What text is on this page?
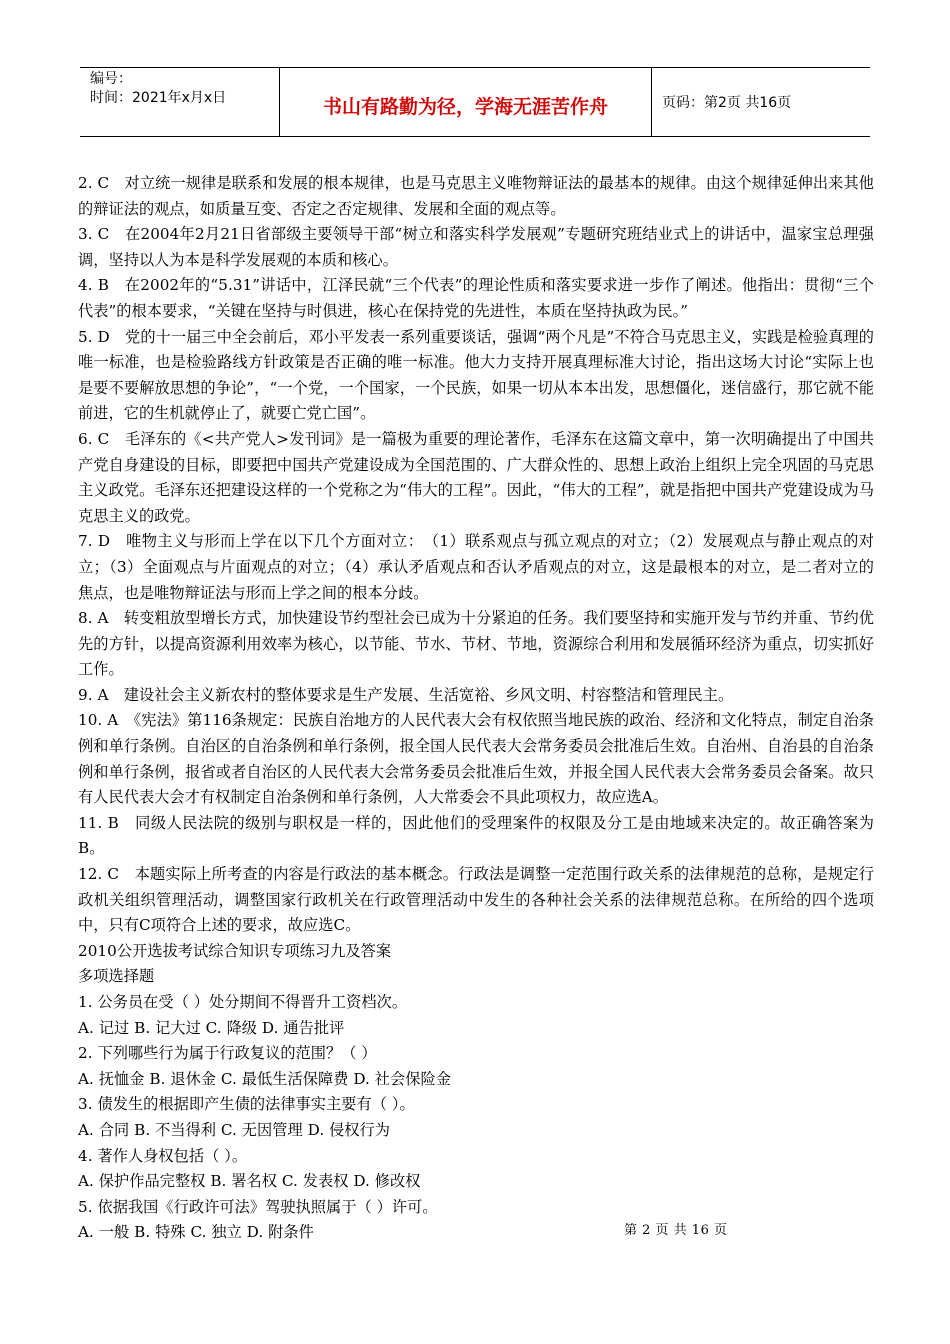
编号：
时间：2021年x月x日	书山有路勤为径，学海无涯苦作舟	页码：第2页 共16页

2. C　对立统一规律是联系和发展的根本规律，也是马克思主义唯物辩证法的最基本的规律。由这个规律延伸出来其他的辩证法的观点，如质量互变、否定之否定规律、发展和全面的观点等。

3. C　在2004年2月21日省部级主要领导干部“树立和落实科学发展观”专题研究班结业式上的讲话中，温家宝总理强调，坚持以人为本是科学发展观的本质和核心。

4. B　在2002年的“5.31”讲话中，江泽民就“三个代表”的理论性质和落实要求进一步作了阐述。他指出：贯彻“三个代表”的根本要求，“关键在坚持与时俱进，核心在保持党的先进性，本质在坚持执政为民。”

5. D　党的十一届三中全会前后，邓小平发表一系列重要谈话，强调“两个凡是”不符合马克思主义，实践是检验真理的唯一标准，也是检验路线方针政策是否正确的唯一标准。他大力支持开展真理标准大讨论，指出这场大讨论“实际上也是要不要解放思想的争论”，“一个党，一个国家，一个民族，如果一切从本本出发，思想僵化，迷信盛行，那它就不能前进，它的生机就停止了，就要亡党亡国”。

6. C　毛泽东的《<共产党人>发刊词》是一篇极为重要的理论著作，毛泽东在这篇文章中，第一次明确提出了中国共产党自身建设的目标，即要把中国共产党建设成为全国范围的、广大群众性的、思想上政治上组织上完全巩固的马克思主义政党。毛泽东还把建设这样的一个党称之为“伟大的工程”。因此，“伟大的工程”，就是指把中国共产党建设成为马克思主义的政党。

7. D　唯物主义与形而上学在以下几个方面对立：　（1）联系观点与孤立观点的对立；（2）发展观点与静止观点的对立；（3）全面观点与片面观点的对立；（4）承认矛盾观点和否认矛盾观点的对立，这是最根本的对立，是二者对立的焦点，也是唯物辩证法与形而上学之间的根本分歧。

8. A　转变粗放型增长方式，加快建设节约型社会已成为十分紧迫的任务。我们要坚持和实施开发与节约并重、节约优先的方针，以提高资源利用效率为核心，以节能、节水、节材、节地，资源综合利用和发展循环经济为重点，切实抓好工作。

9. A　建设社会主义新农村的整体要求是生产发展、生活宽裕、乡风文明、村容整洁和管理民主。

10. A　《宪法》第116条规定：民族自治地方的人民代表大会有权依照当地民族的政治、经济和文化特点，制定自治条例和单行条例。自治区的自治条例和单行条例，报全国人民代表大会常务委员会批准后生效。自治州、自治县的自治条例和单行条例，报省或者自治区的人民代表大会常务委员会批准后生效，并报全国人民代表大会常务委员会备案。故只有人民代表大会才有权制定自治条例和单行条例，人大常委会不具此项权力，故应选A。

11. B　同级人民法院的级别与职权是一样的，因此他们的受理案件的权限及分工是由地域来决定的。故正确答案为B。

12. C　本题实际上所考查的内容是行政法的基本概念。行政法是调整一定范围行政关系的法律规范的总称，是规定行政机关组织管理活动，调整国家行政机关在行政管理活动中发生的各种社会关系的法律规范总称。在所给的四个选项中，只有C项符合上述的要求，故应选C。

2010公开选拔考试综合知识专项练习九及答案

多项选择题

1. 公务员在受（ ）处分期间不得晋升工资档次。

A. 记过 B. 记大过 C. 降级 D. 通告批评

2. 下列哪些行为属于行政复议的范围？（ ）

A. 抚恤金 B. 退休金 C. 最低生活保障费 D. 社会保险金

3. 债发生的根据即产生债的法律事实主要有（ ）。

A. 合同 B. 不当得利 C. 无因管理 D. 侵权行为

4. 著作人身权包括（ ）。

A. 保护作品完整权 B. 署名权 C. 发表权 D. 修改权

5. 依据我国《行政许可法》驾驶执照属于（ ）许可。

A. 一般 B. 特殊 C. 独立 D. 附条件	第 2 页 共 16 页
